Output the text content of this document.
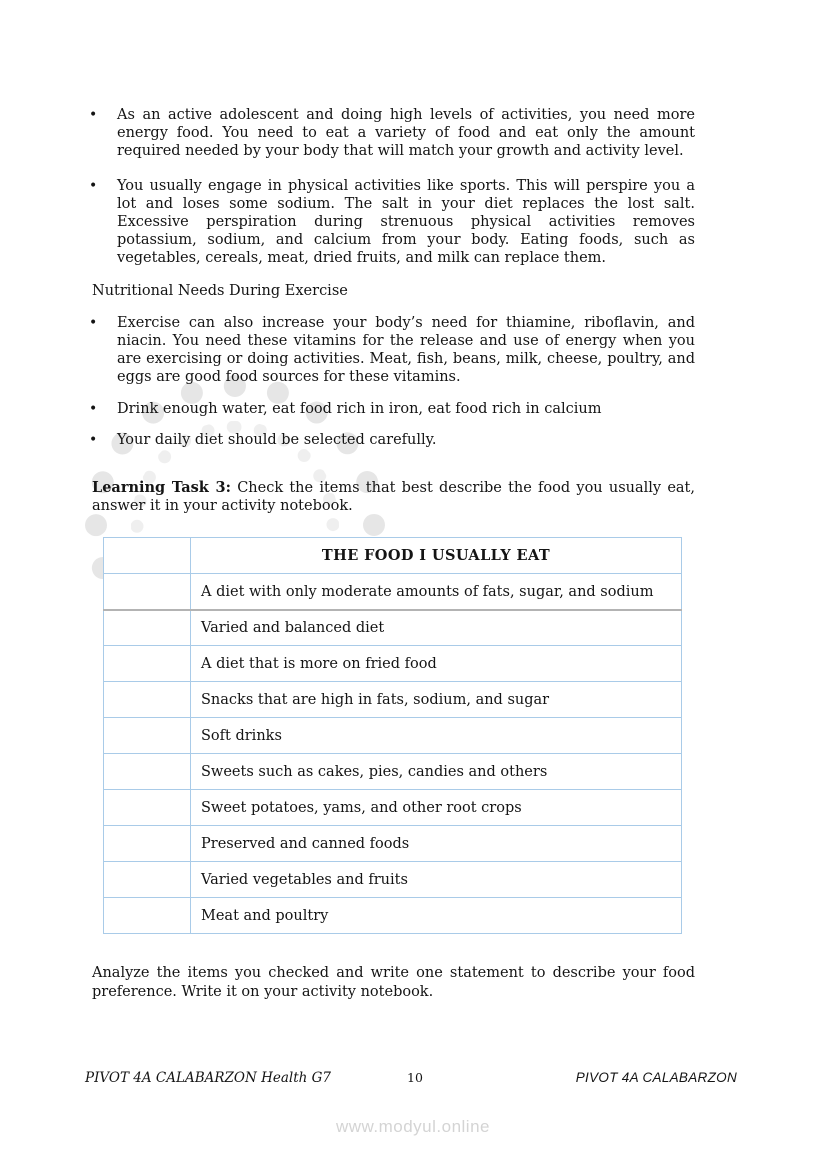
• As an active adolescent and doing high levels of activities, you need more energy food. You need to eat a variety of food and eat only the amount required needed by your body that will match your growth and activity level.
• You usually engage in physical activities like sports. This will perspire you a lot and loses some sodium. The salt in your diet replaces the lost salt. Excessive perspiration during strenuous physical activities removes potassium, sodium, and calcium from your body. Eating foods, such as vegetables, cereals, meat, dried fruits, and milk can replace them.
Nutritional Needs During Exercise
• Exercise can also increase your body’s need for thiamine, riboflavin, and niacin. You need these vitamins for the release and use of energy when you are exercising or doing activities. Meat, fish, beans, milk, cheese, poultry, and eggs are good food sources for these vitamins.
• Drink enough water, eat food rich in iron, eat food rich in calcium
• Your daily diet should be selected carefully.
Learning Task 3: Check the items that best describe the food you usually eat, answer it in your activity notebook.
	THE FOOD I USUALLY EAT
	A diet with only moderate amounts of fats, sugar, and sodium
	Varied and balanced diet
	A diet that is more on fried food
	Snacks that are high in fats, sodium, and sugar
	Soft drinks
	Sweets such as cakes, pies, candies and others
	Sweet potatoes, yams, and other root crops
	Preserved and canned foods
	Varied vegetables and fruits
	Meat and poultry
Analyze the items you checked and write one statement to describe your food preference. Write it on your activity notebook.
PIVOT 4A CALABARZON Health G7	10	PIVOT 4A CALABARZON
www.modyul.online
